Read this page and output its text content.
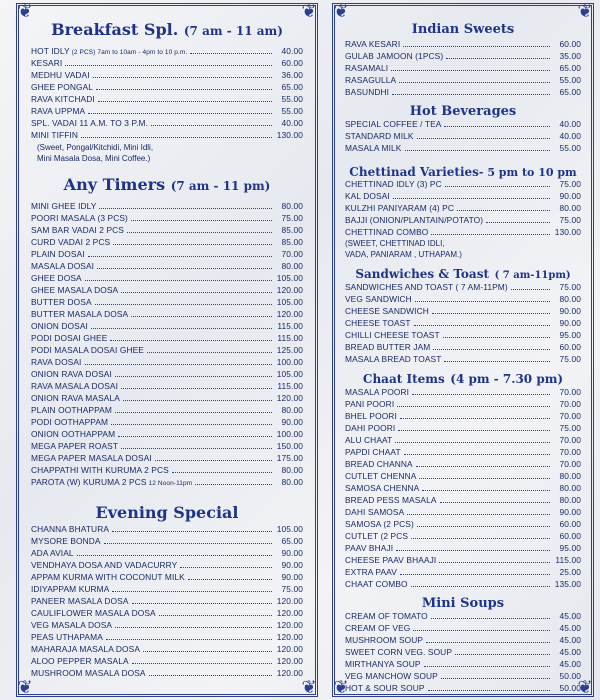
❦	❦
❦	❦
Breakfast Spl. (7 am - 11 am)
HOT IDLY (2 PCS) 7am to 10am - 4pm to 10 p.m.	40.00
KESARI	60.00
MEDHU VADAI	36.00
GHEE PONGAL	65.00
RAVA KITCHADI	55.00
RAVA UPPMA	55.00
SPL. VADAI 11 A.M. TO 3 P.M.	40.00
MINI TIFFIN	130.00
(Sweet, Pongal/Kitchidi, Mini Idli,
Mini Masala Dosa, Mini Coffee.)
Any Timers (7 am - 11 pm)
MINI GHEE IDLY	80.00
POORI MASALA (3 PCS)	75.00
SAM BAR VADAI 2 PCS	85.00
CURD VADAI 2 PCS	85.00
PLAIN DOSAI	70.00
MASALA DOSAI	80.00
GHEE DOSA	105.00
GHEE MASALA DOSA	120.00
BUTTER DOSA	105.00
BUTTER MASALA DOSA	120.00
ONION DOSAI	115.00
PODI DOSAI GHEE	115.00
PODI MASALA DOSAI GHEE	125.00
RAVA DOSAI	100.00
ONION RAVA DOSAI	105.00
RAVA MASALA DOSAI	115.00
ONION RAVA MASALA	120.00
PLAIN OOTHAPPAM	80.00
PODI OOTHAPPAM	90.00
ONION OOTHAPPAM	100.00
MEGA PAPER ROAST	150.00
MEGA PAPER MASALA DOSAI	175.00
CHAPPATHI WITH KURUMA 2 PCS	80.00
PAROTA (W) KURUMA 2 PCS 12 Noon-11pm	80.00
Evening Special
CHANNA BHATURA	105.00
MYSORE BONDA	65.00
ADA AVIAL	90.00
VENDHAYA DOSA AND VADACURRY	90.00
APPAM KURMA WITH COCONUT MILK	90.00
IDIYAPPAM KURMA	75.00
PANEER MASALA DOSA	120.00
CAULIFLOWER MASALA DOSA	120.00
VEG MASALA DOSA	120.00
PEAS UTHAPAMA	120.00
MAHARAJA MASALA DOSA	120.00
ALOO PEPPER MASALA	120.00
MUSHROOM MASALA DOSA	120.00
❦	❦
❦	❦
Indian Sweets
RAVA KESARI	60.00
GULAB JAMOON (1PCS)	35.00
RASAMALI	65.00
RASAGULLA	55.00
BASUNDHI	65.00
Hot Beverages
SPECIAL COFFEE / TEA	40.00
STANDARD MILK	40.00
MASALA MILK	55.00
Chettinad Varieties- 5 pm to 10 pm
CHETTINAD IDLY (3) PC	75.00
KAL DOSAI	90.00
KULZHI PANIYARAM (4) PC	80.00
BAJJI (ONION/PLANTAIN/POTATO)	75.00
CHETTINAD COMBO	130.00
(SWEET, CHETTINAD IDLI,
VADA, PANIARAM , UTHAPAM.)
Sandwiches & Toast ( 7 am-11pm)
SANDWICHES AND TOAST ( 7 AM-11PM)	75.00
VEG SANDWICH	80.00
CHEESE SANDWICH	90.00
CHEESE TOAST	90.00
CHILLI CHEESE TOAST	95.00
BREAD BUTTER JAM	60.00
MASALA BREAD TOAST	75.00
Chaat Items (4 pm - 7.30 pm)
MASALA POORI	70.00
PANI POORI	70.00
BHEL POORI	70.00
DAHI POORI	75.00
ALU CHAAT	70.00
PAPDI CHAAT	70.00
BREAD CHANNA	70.00
CUTLET CHENNA	80.00
SAMOSA CHENNA	80.00
BREAD PESS MASALA	80.00
DAHI SAMOSA	90.00
SAMOSA (2 PCS)	60.00
CUTLET (2 PCS	60.00
PAAV BHAJI	95.00
CHEESE PAAV BHAAJI	115.00
EXTRA PAAV	25.00
CHAAT COMBO	135.00
Mini Soups
CREAM OF TOMATO	45.00
CREAM OF VEG	45.00
MUSHROOM SOUP	45.00
SWEET CORN VEG. SOUP	45.00
MIRTHANYA SOUP	45.00
VEG MANCHOW SOUP	50.00
HOT & SOUR SOUP	50.00
